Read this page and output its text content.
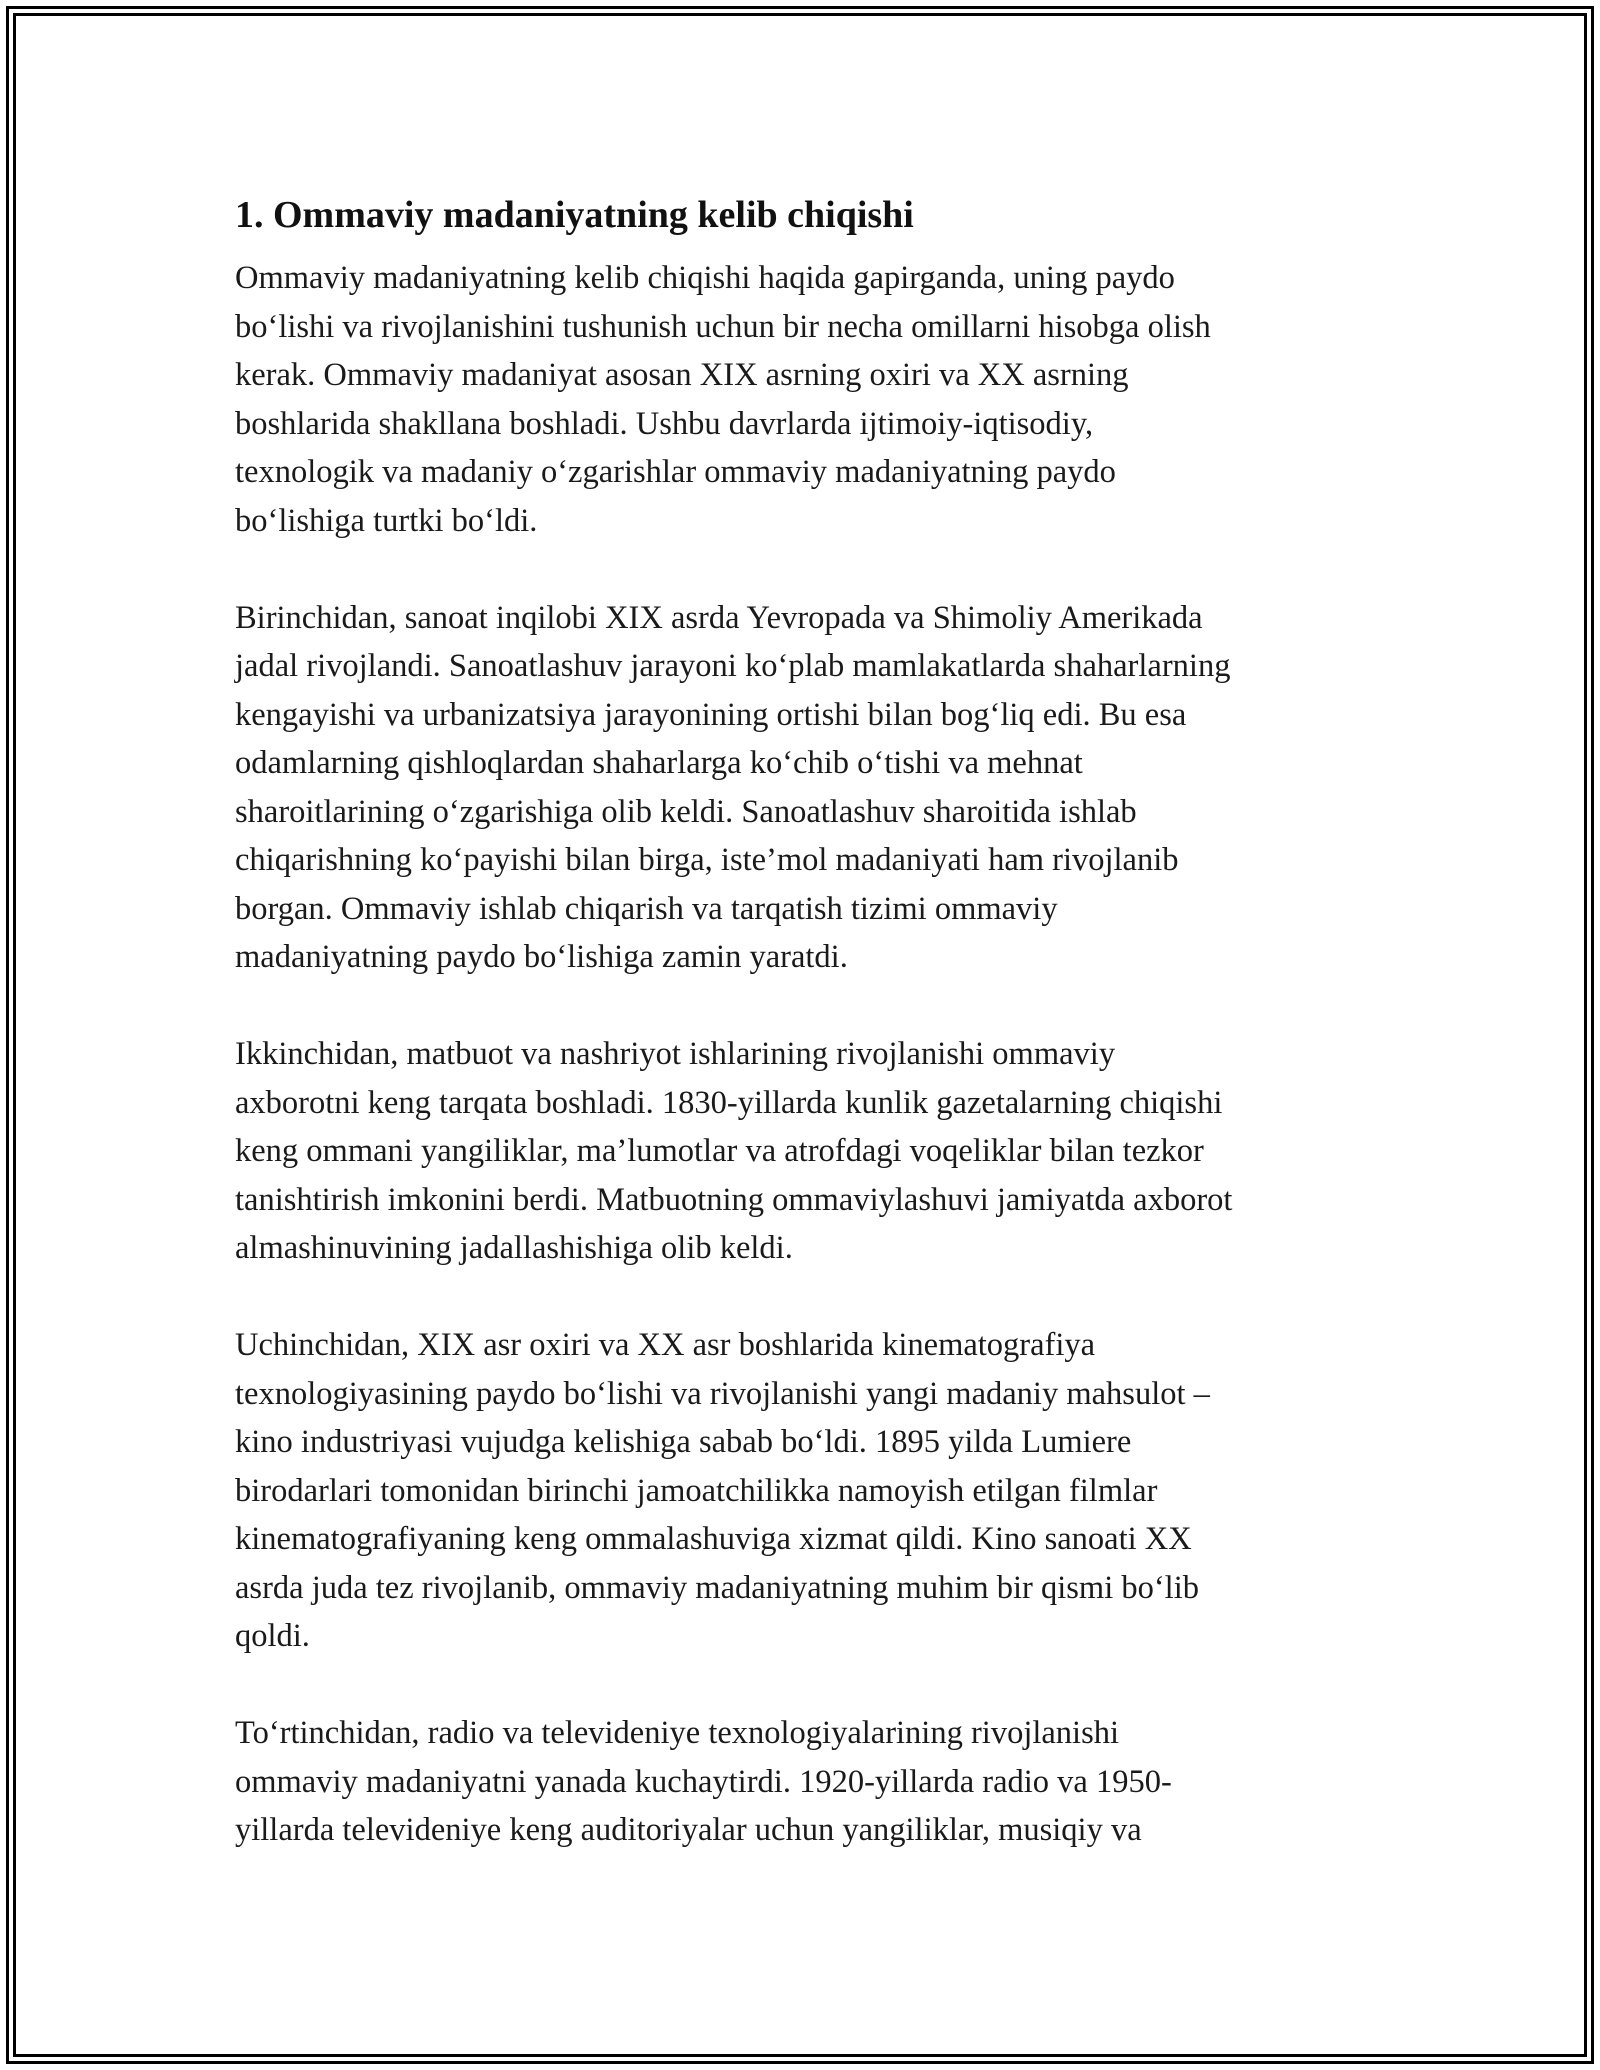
1. Ommaviy madaniyatning kelib chiqishi

Ommaviy madaniyatning kelib chiqishi haqida gapirganda, uning paydo
bo‘lishi va rivojlanishini tushunish uchun bir necha omillarni hisobga olish
kerak. Ommaviy madaniyat asosan XIX asrning oxiri va XX asrning
boshlarida shakllana boshladi. Ushbu davrlarda ijtimoiy-iqtisodiy,
texnologik va madaniy o‘zgarishlar ommaviy madaniyatning paydo
bo‘lishiga turtki bo‘ldi.

Birinchidan, sanoat inqilobi XIX asrda Yevropada va Shimoliy Amerikada
jadal rivojlandi. Sanoatlashuv jarayoni ko‘plab mamlakatlarda shaharlarning
kengayishi va urbanizatsiya jarayonining ortishi bilan bog‘liq edi. Bu esa
odamlarning qishloqlardan shaharlarga ko‘chib o‘tishi va mehnat
sharoitlarining o‘zgarishiga olib keldi. Sanoatlashuv sharoitida ishlab
chiqarishning ko‘payishi bilan birga, iste’mol madaniyati ham rivojlanib
borgan. Ommaviy ishlab chiqarish va tarqatish tizimi ommaviy
madaniyatning paydo bo‘lishiga zamin yaratdi.

Ikkinchidan, matbuot va nashriyot ishlarining rivojlanishi ommaviy
axborotni keng tarqata boshladi. 1830-yillarda kunlik gazetalarning chiqishi
keng ommani yangiliklar, ma’lumotlar va atrofdagi voqeliklar bilan tezkor
tanishtirish imkonini berdi. Matbuotning ommaviylashuvi jamiyatda axborot
almashinuvining jadallashishiga olib keldi.

Uchinchidan, XIX asr oxiri va XX asr boshlarida kinematografiya
texnologiyasining paydo bo‘lishi va rivojlanishi yangi madaniy mahsulot –
kino industriyasi vujudga kelishiga sabab bo‘ldi. 1895 yilda Lumiere
birodarlari tomonidan birinchi jamoatchilikka namoyish etilgan filmlar
kinematografiyaning keng ommalashuviga xizmat qildi. Kino sanoati XX
asrda juda tez rivojlanib, ommaviy madaniyatning muhim bir qismi bo‘lib
qoldi.

To‘rtinchidan, radio va televideniye texnologiyalarining rivojlanishi
ommaviy madaniyatni yanada kuchaytirdi. 1920-yillarda radio va 1950-
yillarda televideniye keng auditoriyalar uchun yangiliklar, musiqiy va
